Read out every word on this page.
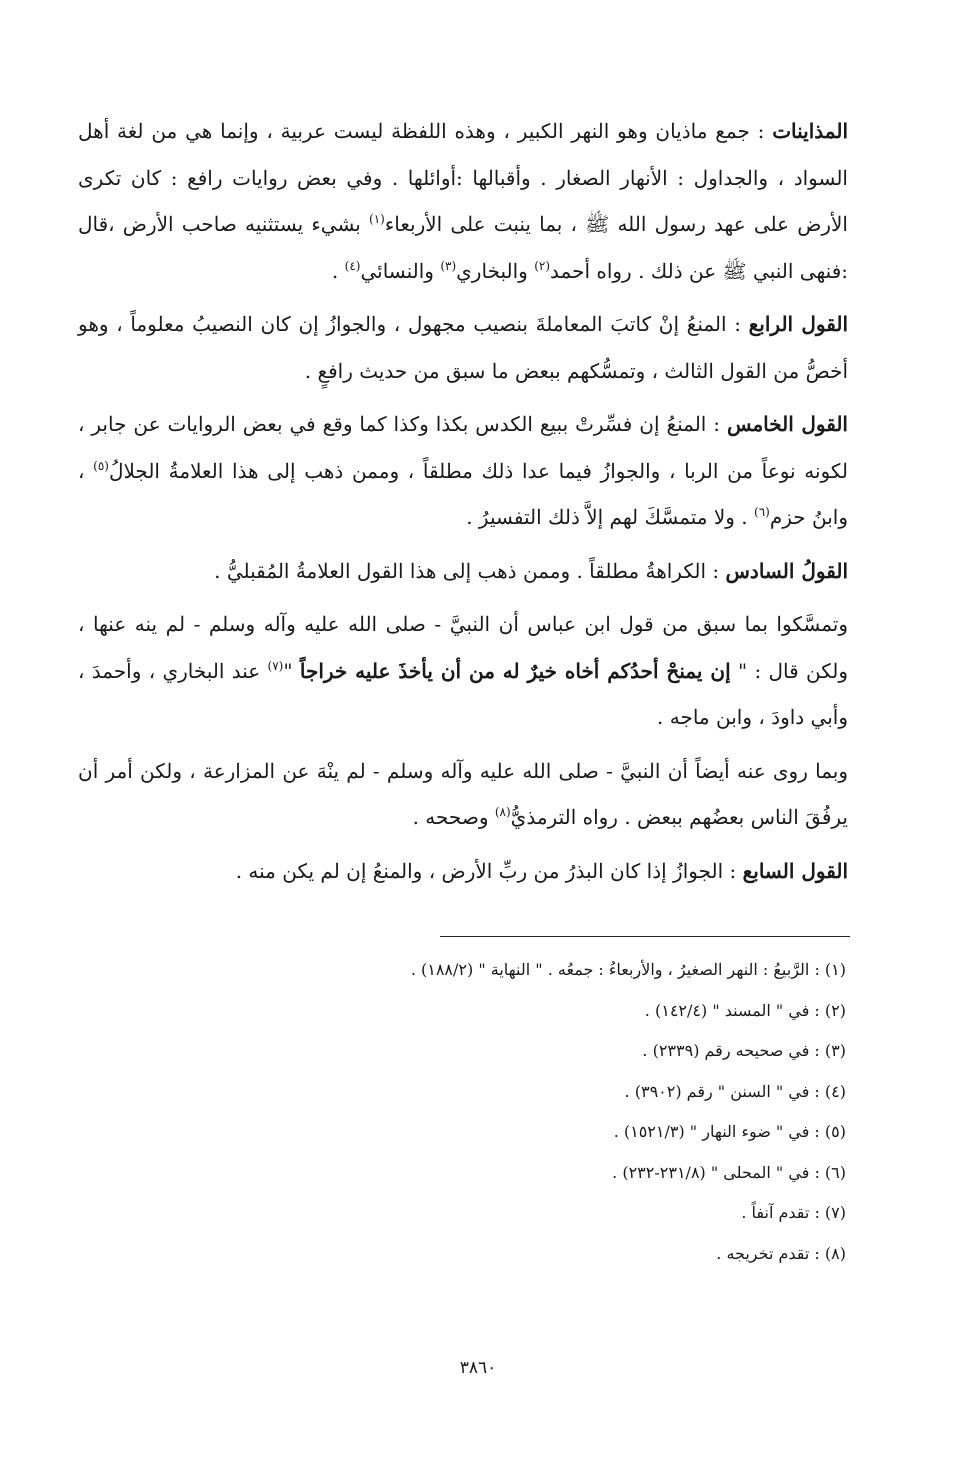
المذاينات : جمع ماذيان وهو النهر الكبير ، وهذه اللفظة ليست عربية ، وإنما هي من لغة أهل السواد ، والجداول : الأنهار الصغار . وأقبالها :أوائلها . وفي بعض روايات رافع : كان تكرى الأرض على عهد رسول الله ﷺ ، بما ينبت على الأربعاء$^{(١)}$ بشيء يستثنيه صاحب الأرض ،قال :فنهى النبي ﷺ عن ذلك . رواه أحمد$^{(٢)}$ والبخاري$^{(٣)}$ والنسائي$^{(٤)}$ .

القول الرابع : المنعُ إنْ كاتبَ المعاملةَ بنصيب مجهول ، والجوازُ إن كان النصيبُ معلوماً ، وهو أخصُّ من القول الثالث ، وتمسُّكهم ببعض ما سبق من حديث رافعٍ .

القول الخامس : المنعُ إن فسِّرتْ ببيع الكدس بكذا وكذا كما وقع في بعض الروايات عن جابر ، لكونه نوعاً من الربا ، والجوازُ فيما عدا ذلك مطلقاً ، وممن ذهب إلى هذا العلامةُ الجلالُ$^{(٥)}$ ، وابنُ حزم$^{(٦)}$ . ولا متمسَّكَ لهم إلاَّ ذلك التفسيرُ .

القولُ السادس : الكراهةُ مطلقاً . وممن ذهب إلى هذا القول العلامةُ المُقبليُّ .

وتمسَّكوا بما سبق من قول ابن عباس أن النبيَّ - صلى الله عليه وآله وسلم - لم ينه عنها ، ولكن قال : " إن يمنحْ أحدُكم أخاه خيرٌ له من أن يأخذَ عليه خراجاً "$^{(٧)}$ عند البخاري ، وأحمدَ ، وأبي داودَ ، وابن ماجه .

وبما روى عنه أيضاً أن النبيَّ - صلى الله عليه وآله وسلم - لم ينْهَ عن المزارعة ، ولكن أمر أن يرفُقَ الناس بعضُهم ببعض . رواه الترمذيُّ$^{(٨)}$ وصححه .

القول السابع : الجوازُ إذا كان البذرُ من ربِّ الأرض ، والمنعُ إن لم يكن منه .

(١) : الرَّبيعُ : النهر الصغيرُ ، والأربعاءُ : جمعُه . " النهاية " (١٨٨/٢) .
(٢) : في " المسند " (١٤٢/٤) .
(٣) : في صحيحه رقم (٢٣٣٩) .
(٤) : في " السنن " رقم (٣٩٠٢) .
(٥) : في " ضوء النهار " (١٥٢١/٣) .
(٦) : في " المحلى " (٢٣١/٨-٢٣٢) .
(٧) : تقدم آنفاً .
(٨) : تقدم تخريجه .
٣٨٦٠
